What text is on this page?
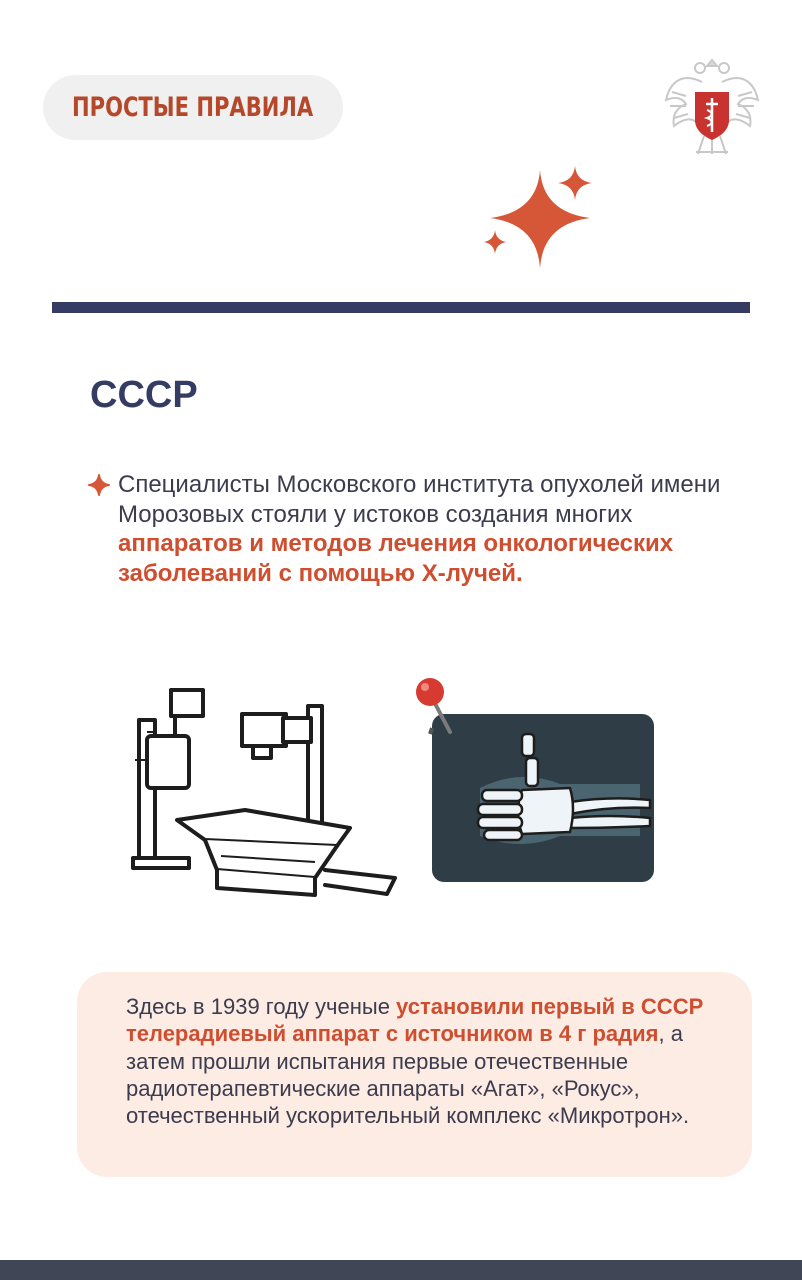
ПРОСТЫЕ ПРАВИЛА
СССР
Специалисты Московского института опухолей имени Морозовых стояли у истоков создания многих аппаратов и методов лечения онкологических заболеваний с помощью Х-лучей.
Здесь в 1939 году ученые установили первый в СССР телерадиевый аппарат с источником в 4 г радия, а затем прошли испытания первые отечественные радиотерапевтические аппараты «Агат», «Рокус», отечественный ускорительный комплекс «Микротрон».
